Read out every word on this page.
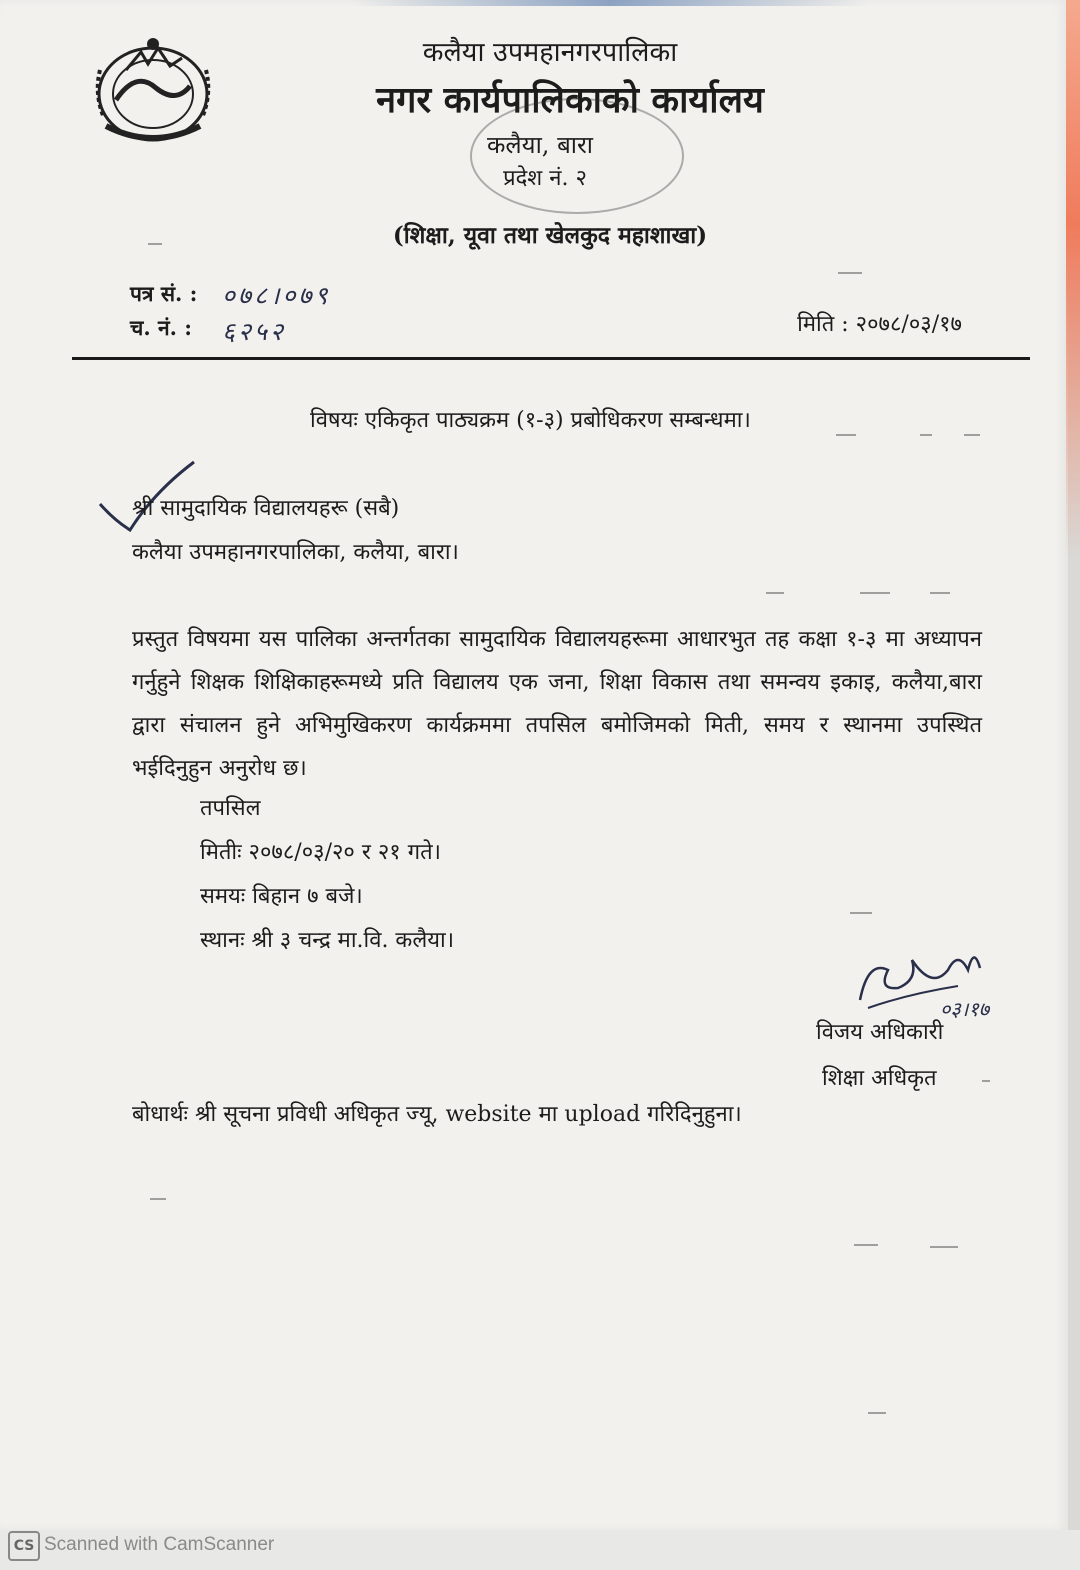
कलैया उपमहानगरपालिका
नगर कार्यपालिकाको कार्यालय
कलैया, बारा
प्रदेश नं. २
(शिक्षा, यूवा तथा खेलकुद महाशाखा)
पत्र सं. : ०७८।०७९
च. नं. : ६२५२	मिति : २०७८/०३/१७
विषयः एकिकृत पाठ्यक्रम (१-३) प्रबोधिकरण सम्बन्धमा।
श्री सामुदायिक विद्यालयहरू (सबै)
कलैया उपमहानगरपालिका, कलैया, बारा।
प्रस्तुत विषयमा यस पालिका अन्तर्गतका सामुदायिक विद्यालयहरूमा आधारभुत तह कक्षा १-३ मा अध्यापन गर्नुहुने शिक्षक शिक्षिकाहरूमध्ये प्रति विद्यालय एक जना, शिक्षा विकास तथा समन्वय इकाइ, कलैया,बारा द्वारा संचालन हुने अभिमुखिकरण कार्यक्रममा तपसिल बमोजिमको मिती, समय र स्थानमा उपस्थित भईदिनुहुन अनुरोध छ।
तपसिल
मितीः २०७८/०३/२० र २१ गते।
समयः बिहान ७ बजे।
स्थानः श्री ३ चन्द्र मा.वि. कलैया।
०३।१७
विजय अधिकारी
शिक्षा अधिकृत
बोधार्थः श्री सूचना प्रविधी अधिकृत ज्यू, website मा upload गरिदिनुहुना।
CS Scanned with CamScanner
